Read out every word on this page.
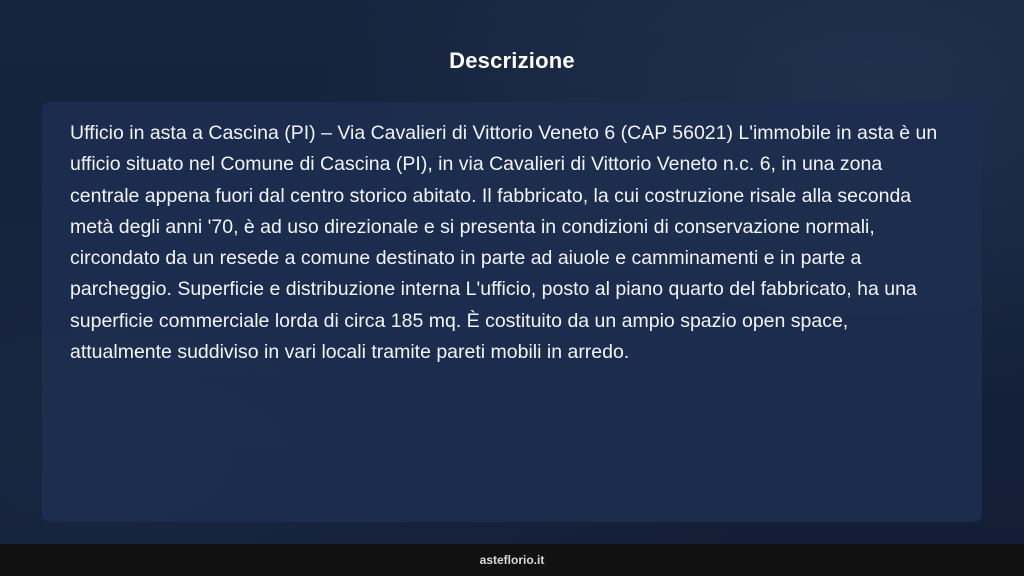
Descrizione

Ufficio in asta a Cascina (PI) – Via Cavalieri di Vittorio Veneto 6 (CAP 56021) L'immobile in asta è un ufficio situato nel Comune di Cascina (PI), in via Cavalieri di Vittorio Veneto n.c. 6, in una zona centrale appena fuori dal centro storico abitato. Il fabbricato, la cui costruzione risale alla seconda metà degli anni '70, è ad uso direzionale e si presenta in condizioni di conservazione normali, circondato da un resede a comune destinato in parte ad aiuole e camminamenti e in parte a parcheggio. Superficie e distribuzione interna L'ufficio, posto al piano quarto del fabbricato, ha una superficie commerciale lorda di circa 185 mq. È costituito da un ampio spazio open space, attualmente suddiviso in vari locali tramite pareti mobili in arredo.

asteflorio.it
